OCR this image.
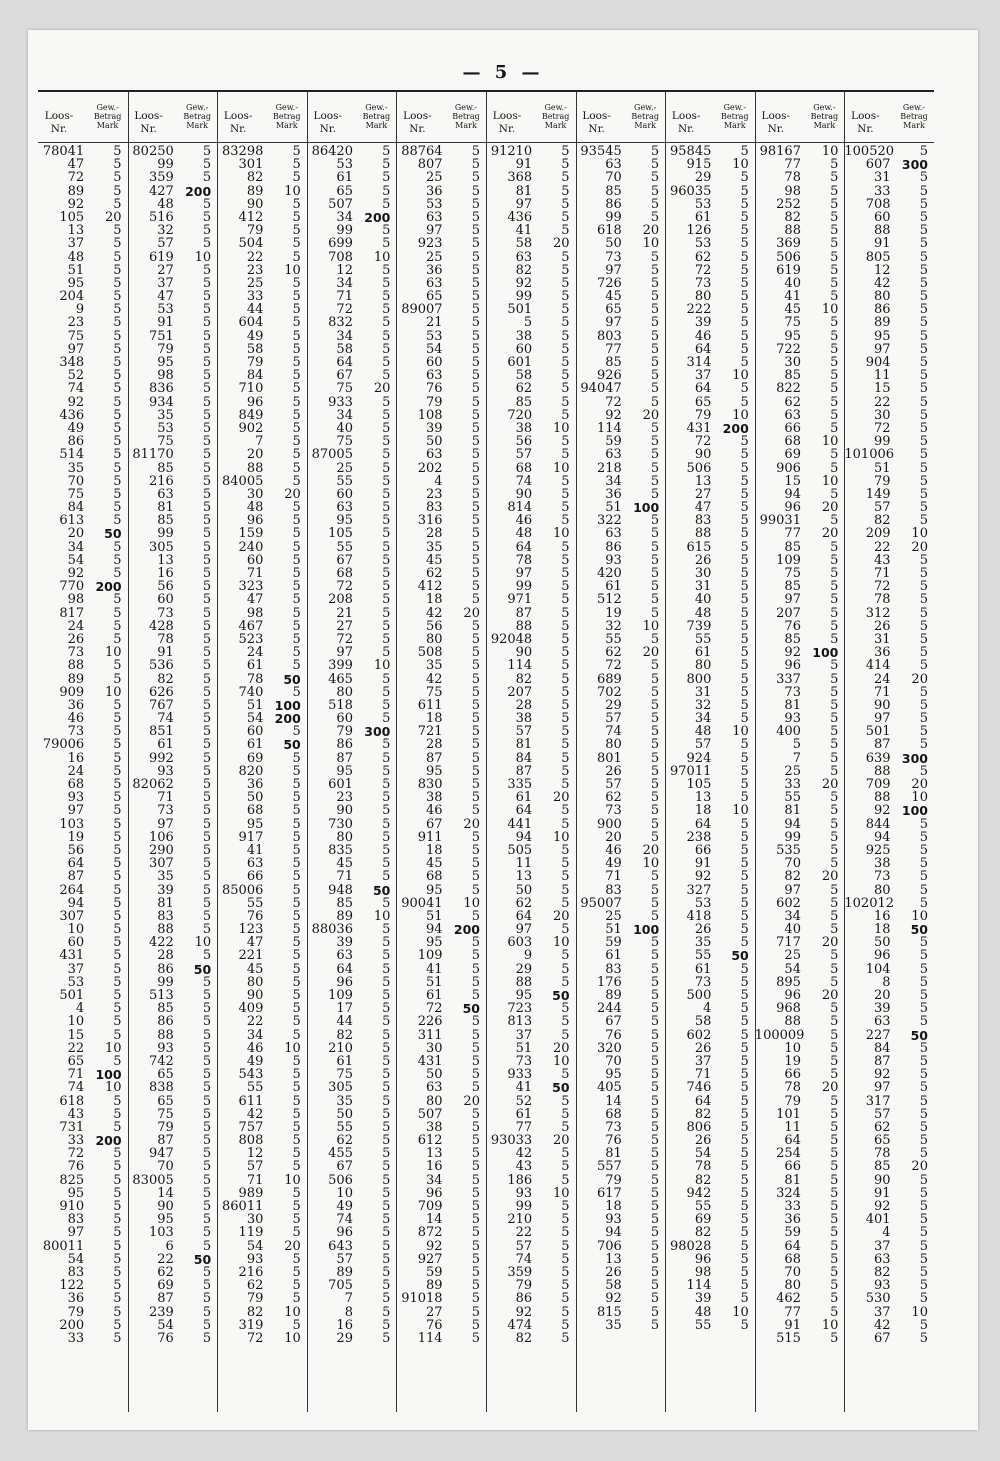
— 5 —
Loos-
Nr.
Gew.-
Betrag
Mark
78041	5
47	5
72	5
89	5
92	5
105	20
13	5
37	5
48	5
51	5
95	5
204	5
9	5
23	5
75	5
97	5
348	5
52	5
74	5
92	5
436	5
49	5
86	5
514	5
35	5
70	5
75	5
84	5
613	5
20	50
34	5
54	5
92	5
770 200
98	5
817	5
24	5
26	5
73	10
88	5
89	5
909	10
36	5
46	5
73	5
79006	5
16	5
24	5
68	5
93	5
97	5
103	5
19	5
56	5
64	5
87	5
264	5
94	5
307	5
10	5
60	5
431	5
37	5
53	5
501	5
4	5
10	5
15	5
22	10
65	5
71 100
74	10
618	5
43	5
731	5
33 200
72	5
76	5
825	5
95	5
910	5
83	5
97	5
80011	5
54	5
83	5
122	5
36	5
79	5
200	5
33	5
Loos-
Nr.
Gew.-
Betrag
Mark
80250	5
99	5
359	5
427 200
48	5
516	5
32	5
57	5
619	10
27	5
37	5
47	5
53	5
91	5
751	5
79	5
95	5
98	5
836	5
934	5
35	5
53	5
75	5
81170	5
85	5
216	5
63	5
81	5
85	5
99	5
305	5
13	5
16	5
56	5
60	5
73	5
428	5
78	5
91	5
536	5
82	5
626	5
767	5
74	5
851	5
61	5
992	5
93	5
82062	5
71	5
73	5
97	5
106	5
290	5
307	5
35	5
39	5
81	5
83	5
88	5
422	10
28	5
86	50
99	5
513	5
85	5
86	5
88	5
93	5
742	5
65	5
838	5
65	5
75	5
79	5
87	5
947	5
70	5
83005	5
14	5
90	5
95	5
103	5
6	5
22	50
62	5
69	5
87	5
239	5
54	5
76	5
Loos-
Nr.
Gew.-
Betrag
Mark
83298	5
301	5
82	5
89	10
90	5
412	5
79	5
504	5
22	5
23	10
25	5
33	5
44	5
604	5
49	5
58	5
79	5
84	5
710	5
96	5
849	5
902	5
7	5
20	5
88	5
84005	5
30	20
48	5
96	5
159	5
240	5
60	5
71	5
323	5
47	5
98	5
467	5
523	5
24	5
61	5
78	50
740	5
51 100
54 200
60	5
61	50
69	5
820	5
36	5
50	5
68	5
95	5
917	5
41	5
63	5
66	5
85006	5
55	5
76	5
123	5
47	5
221	5
45	5
80	5
90	5
409	5
22	5
34	5
46	10
49	5
543	5
55	5
611	5
42	5
757	5
808	5
12	5
57	5
71	10
989	5
86011	5
30	5
119	5
54	20
93	5
216	5
62	5
79	5
82	10
319	5
72	10
Loos-
Nr.
Gew.-
Betrag
Mark
86420	5
53	5
61	5
65	5
507	5
34 200
99	5
699	5
708	10
12	5
34	5
71	5
72	5
832	5
34	5
58	5
64	5
67	5
75	20
933	5
34	5
40	5
75	5
87005	5
25	5
55	5
60	5
63	5
95	5
105	5
55	5
67	5
68	5
72	5
208	5
21	5
27	5
72	5
97	5
399	10
465	5
80	5
518	5
60	5
79 300
86	5
87	5
95	5
601	5
23	5
90	5
730	5
80	5
835	5
45	5
71	5
948	50
85	5
89	10
88036	5
39	5
63	5
64	5
96	5
109	5
17	5
44	5
82	5
210	5
61	5
75	5
305	5
35	5
50	5
55	5
62	5
455	5
67	5
506	5
10	5
49	5
74	5
96	5
643	5
57	5
89	5
705	5
7	5
8	5
16	5
29	5
Loos-
Nr.
Gew.-
Betrag
Mark
88764	5
807	5
25	5
36	5
53	5
63	5
97	5
923	5
25	5
36	5
63	5
65	5
89007	5
21	5
53	5
54	5
60	5
63	5
76	5
79	5
108	5
39	5
50	5
63	5
202	5
4	5
23	5
83	5
316	5
28	5
35	5
45	5
62	5
412	5
18	5
42	20
56	5
80	5
508	5
35	5
42	5
75	5
611	5
18	5
721	5
28	5
87	5
95	5
830	5
38	5
46	5
67	20
911	5
18	5
45	5
68	5
95	5
90041	10
51	5
94 200
95	5
109	5
41	5
51	5
61	5
72	50
226	5
311	5
30	5
431	5
50	5
63	5
80	20
507	5
38	5
612	5
13	5
16	5
34	5
96	5
709	5
14	5
872	5
92	5
927	5
59	5
89	5
91018	5
27	5
76	5
114	5
Loos-
Nr.
Gew.-
Betrag
Mark
91210	5
91	5
368	5
81	5
97	5
436	5
41	5
58	20
63	5
82	5
92	5
99	5
501	5
5	5
38	5
60	5
601	5
58	5
62	5
85	5
720	5
38	10
56	5
57	5
68	10
74	5
90	5
814	5
46	5
48	10
64	5
78	5
97	5
99	5
971	5
87	5
88	5
92048	5
90	5
114	5
82	5
207	5
28	5
38	5
57	5
81	5
84	5
87	5
335	5
61	20
64	5
441	5
94	10
505	5
11	5
13	5
50	5
62	5
64	20
97	5
603	10
9	5
29	5
88	5
95	50
723	5
813	5
37	5
51	20
73	10
933	5
41	50
52	5
61	5
77	5
93033	20
42	5
43	5
186	5
93	10
99	5
210	5
22	5
57	5
74	5
359	5
79	5
86	5
92	5
474	5
82	5
Loos-
Nr.
Gew.-
Betrag
Mark
93545	5
63	5
70	5
85	5
86	5
99	5
618	20
50	10
73	5
97	5
726	5
45	5
65	5
97	5
803	5
77	5
85	5
926	5
94047	5
72	5
92	20
114	5
59	5
63	5
218	5
34	5
36	5
51 100
322	5
63	5
86	5
93	5
420	5
61	5
512	5
19	5
32	10
55	5
62	20
72	5
689	5
702	5
29	5
57	5
74	5
80	5
801	5
26	5
57	5
62	5
73	5
900	5
20	5
46	20
49	10
71	5
83	5
95007	5
25	5
51 100
59	5
61	5
83	5
176	5
89	5
244	5
67	5
76	5
320	5
70	5
95	5
405	5
14	5
68	5
73	5
76	5
81	5
557	5
79	5
617	5
18	5
93	5
94	5
706	5
13	5
26	5
58	5
92	5
815	5
35	5
Loos-
Nr.
Gew.-
Betrag
Mark
95845	5
915	10
29	5
96035	5
53	5
61	5
126	5
53	5
62	5
72	5
73	5
80	5
222	5
39	5
46	5
64	5
314	5
37	10
64	5
65	5
79	10
431 200
72	5
90	5
506	5
13	5
27	5
47	5
83	5
88	5
615	5
26	5
30	5
31	5
40	5
48	5
739	5
55	5
61	5
80	5
800	5
31	5
32	5
34	5
48	10
57	5
924	5
97011	5
105	5
13	5
18	10
64	5
238	5
66	5
91	5
92	5
327	5
53	5
418	5
26	5
35	5
55	50
61	5
73	5
500	5
4	5
58	5
602	5
26	5
37	5
71	5
746	5
64	5
82	5
806	5
26	5
54	5
78	5
82	5
942	5
55	5
69	5
82	5
98028	5
96	5
98	5
114	5
39	5
48	10
55	5
Loos-
Nr.
Gew.-
Betrag
Mark
98167	10
77	5
78	5
98	5
252	5
82	5
88	5
369	5
506	5
619	5
40	5
41	5
45	10
75	5
95	5
722	5
30	5
85	5
822	5
62	5
63	5
66	5
68	10
69	5
906	5
15	10
94	5
96	20
99031	5
77	20
85	5
109	5
75	5
85	5
97	5
207	5
76	5
85	5
92 100
96	5
337	5
73	5
81	5
93	5
400	5
5	5
7	5
25	5
33	20
55	5
81	5
94	5
99	5
535	5
70	5
82	20
97	5
602	5
34	5
40	5
717	20
25	5
54	5
895	5
96	20
968	5
88	5
100009	5
10	5
19	5
66	5
78	20
79	5
101	5
11	5
64	5
254	5
66	5
81	5
324	5
33	5
36	5
59	5
64	5
68	5
70	5
80	5
462	5
77	5
91	10
515	5
Loos-
Nr.
Gew.-
Betrag
Mark
100520	5
607 300
31	5
33	5
708	5
60	5
88	5
91	5
805	5
12	5
42	5
80	5
86	5
89	5
95	5
97	5
904	5
11	5
15	5
22	5
30	5
72	5
99	5
101006	5
51	5
79	5
149	5
57	5
82	5
209	10
22	20
43	5
71	5
72	5
78	5
312	5
26	5
31	5
36	5
414	5
24	20
71	5
90	5
97	5
501	5
87	5
639 300
88	5
709	20
88	10
92 100
844	5
94	5
925	5
38	5
73	5
80	5
102012	5
16	10
18	50
50	5
96	5
104	5
8	5
20	5
39	5
63	5
227	50
84	5
87	5
92	5
97	5
317	5
57	5
62	5
65	5
78	5
85	20
90	5
91	5
92	5
401	5
4	5
37	5
63	5
82	5
93	5
530	5
37	10
42	5
67	5
